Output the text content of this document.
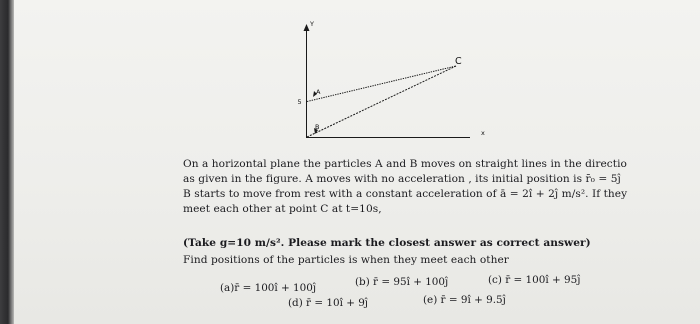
Y
x
5
A
B
C
On a horizontal plane the particles A and B moves on straight lines in the directio
as given in the figure. A moves with no acceleration , its initial position is r̄₀ = 5ĵ
B starts to move from rest with a constant acceleration of ā = 2î + 2ĵ m/s². If they
meet each other at point C at t=10s,
(Take g=10 m/s². Please mark the closest answer as correct answer)
Find positions of the particles is when they meet each other
(a)r̄ = 100î + 100ĵ	(b) r̄ = 95î + 100ĵ	(c) r̄ = 100î + 95ĵ
(d) r̄ = 10î + 9ĵ	(e) r̄ = 9î + 9.5ĵ
